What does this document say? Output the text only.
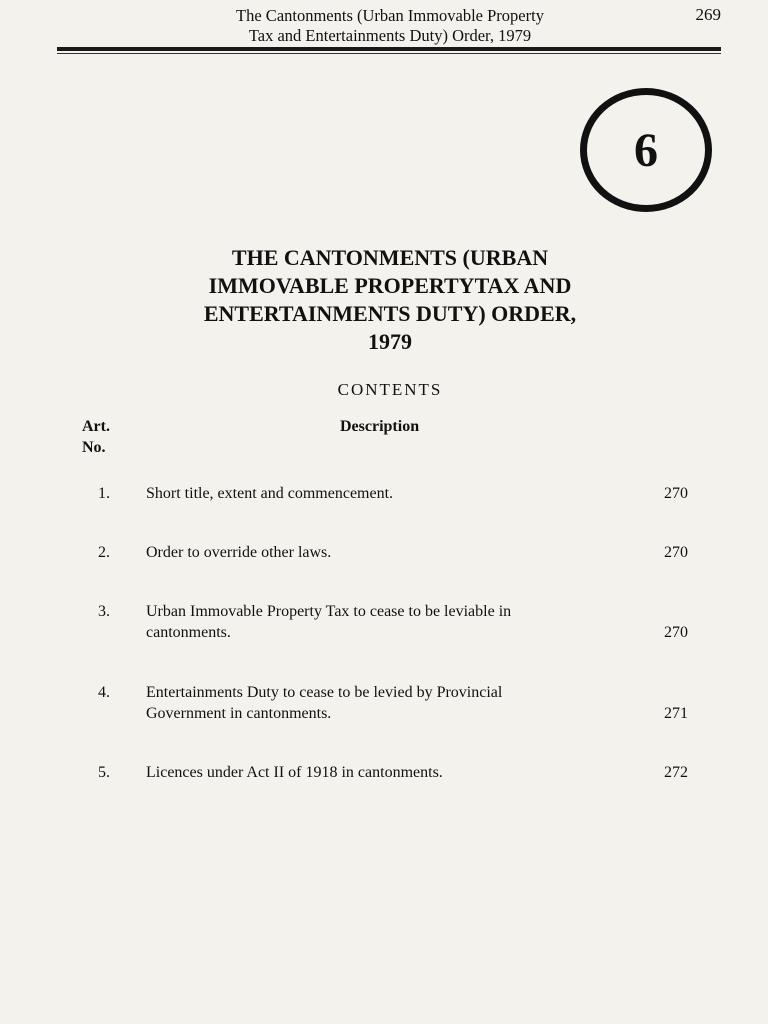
The Cantonments (Urban Immovable Property
Tax and Entertainments Duty) Order, 1979
269
6
THE CANTONMENTS (URBAN
IMMOVABLE PROPERTYTAX AND
ENTERTAINMENTS DUTY) ORDER,
1979
CONTENTS
Art.
No.
Description
1. Short title, extent and commencement.	270
2. Order to override other laws.	270
3. Urban Immovable Property Tax to cease to be leviable in
cantonments.	270
4. Entertainments Duty to cease to be levied by Provincial
Government in cantonments.	271
5. Licences under Act II of 1918 in cantonments.	272
